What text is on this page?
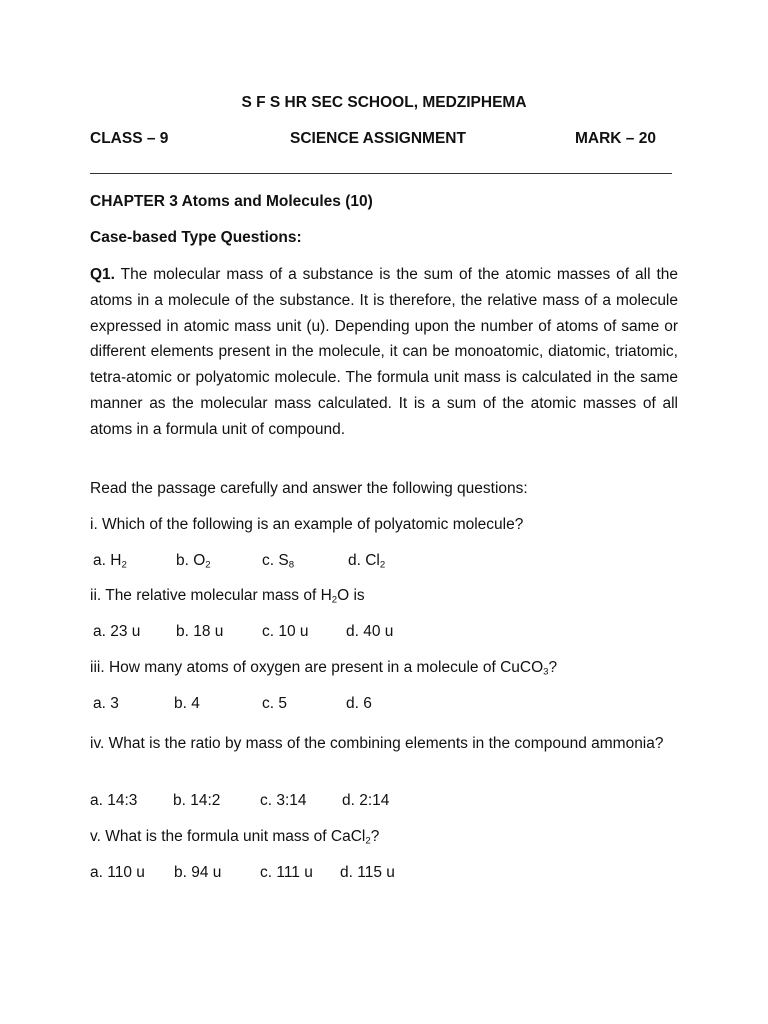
S F S HR SEC SCHOOL, MEDZIPHEMA
CLASS – 9	SCIENCE ASSIGNMENT	MARK – 20
CHAPTER 3 Atoms and Molecules (10)
Case-based Type Questions:
Q1. The molecular mass of a substance is the sum of the atomic masses of all the atoms in a molecule of the substance. It is therefore, the relative mass of a molecule expressed in atomic mass unit (u). Depending upon the number of atoms of same or different elements present in the molecule, it can be monoatomic, diatomic, triatomic, tetra-atomic or polyatomic molecule. The formula unit mass is calculated in the same manner as the molecular mass calculated. It is a sum of the atomic masses of all atoms in a formula unit of compound.
Read the passage carefully and answer the following questions:
i. Which of the following is an example of polyatomic molecule?
a. $H_2$	b. $O_2$	c. $S_8$	d. $Cl_2$
ii. The relative molecular mass of $H_2O$ is
a. 23 u b. 18 u c. 10 u d. 40 u
iii. How many atoms of oxygen are present in a molecule of CuCO$_3$?
a. 3	b. 4	c. 5	d. 6
iv. What is the ratio by mass of the combining elements in the compound ammonia?
a. 14:3 b. 14:2	c. 3:14 d. 2:14
v. What is the formula unit mass of CaCl$_2$?
a. 110 u b. 94 u c. 111 u d. 115 u
